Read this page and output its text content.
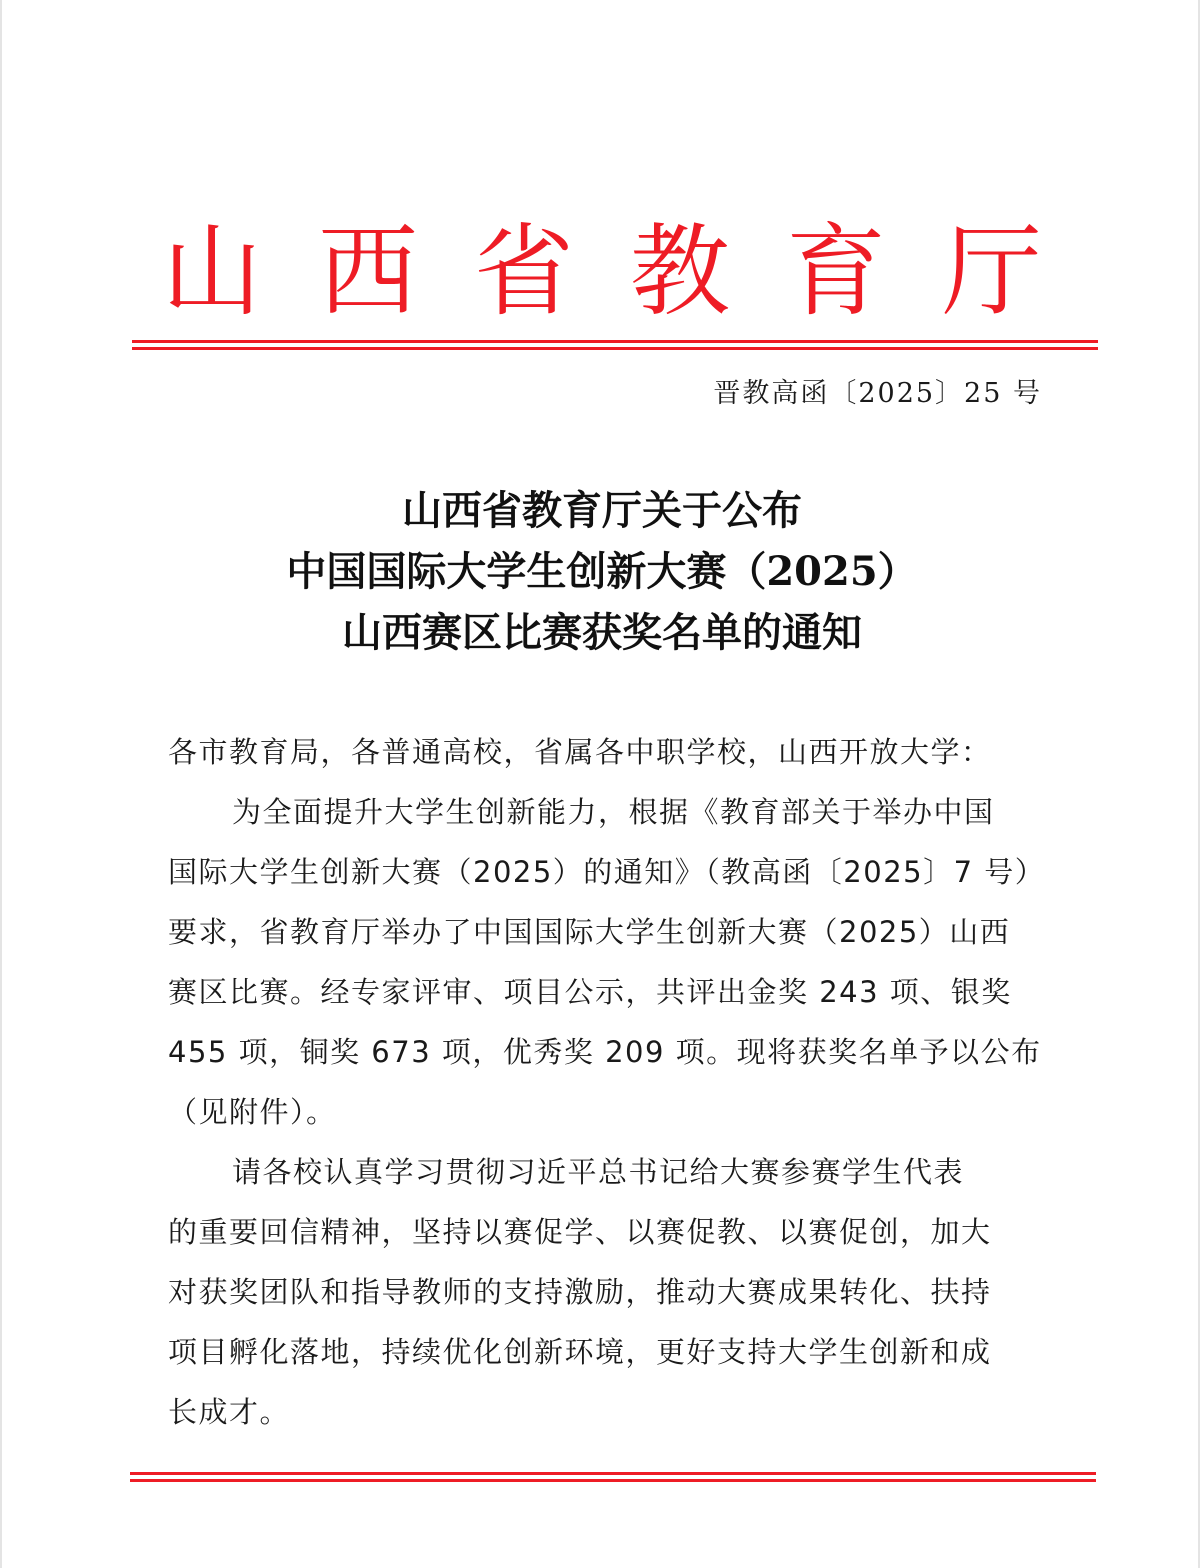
山 西 省 教 育 厅
晋教高函〔2025〕25 号
山西省教育厅关于公布
中国国际大学生创新大赛（2025）
山西赛区比赛获奖名单的通知
各市教育局，各普通高校，省属各中职学校，山西开放大学：
为全面提升大学生创新能力，根据《教育部关于举办中国
国际大学生创新大赛（2025）的通知》（教高函〔2025〕7 号）
要求，省教育厅举办了中国国际大学生创新大赛（2025）山西
赛区比赛。经专家评审、项目公示，共评出金奖 243 项、银奖
455 项，铜奖 673 项，优秀奖 209 项。现将获奖名单予以公布
（见附件）。
请各校认真学习贯彻习近平总书记给大赛参赛学生代表
的重要回信精神，坚持以赛促学、以赛促教、以赛促创，加大
对获奖团队和指导教师的支持激励，推动大赛成果转化、扶持
项目孵化落地，持续优化创新环境，更好支持大学生创新和成
长成才。
